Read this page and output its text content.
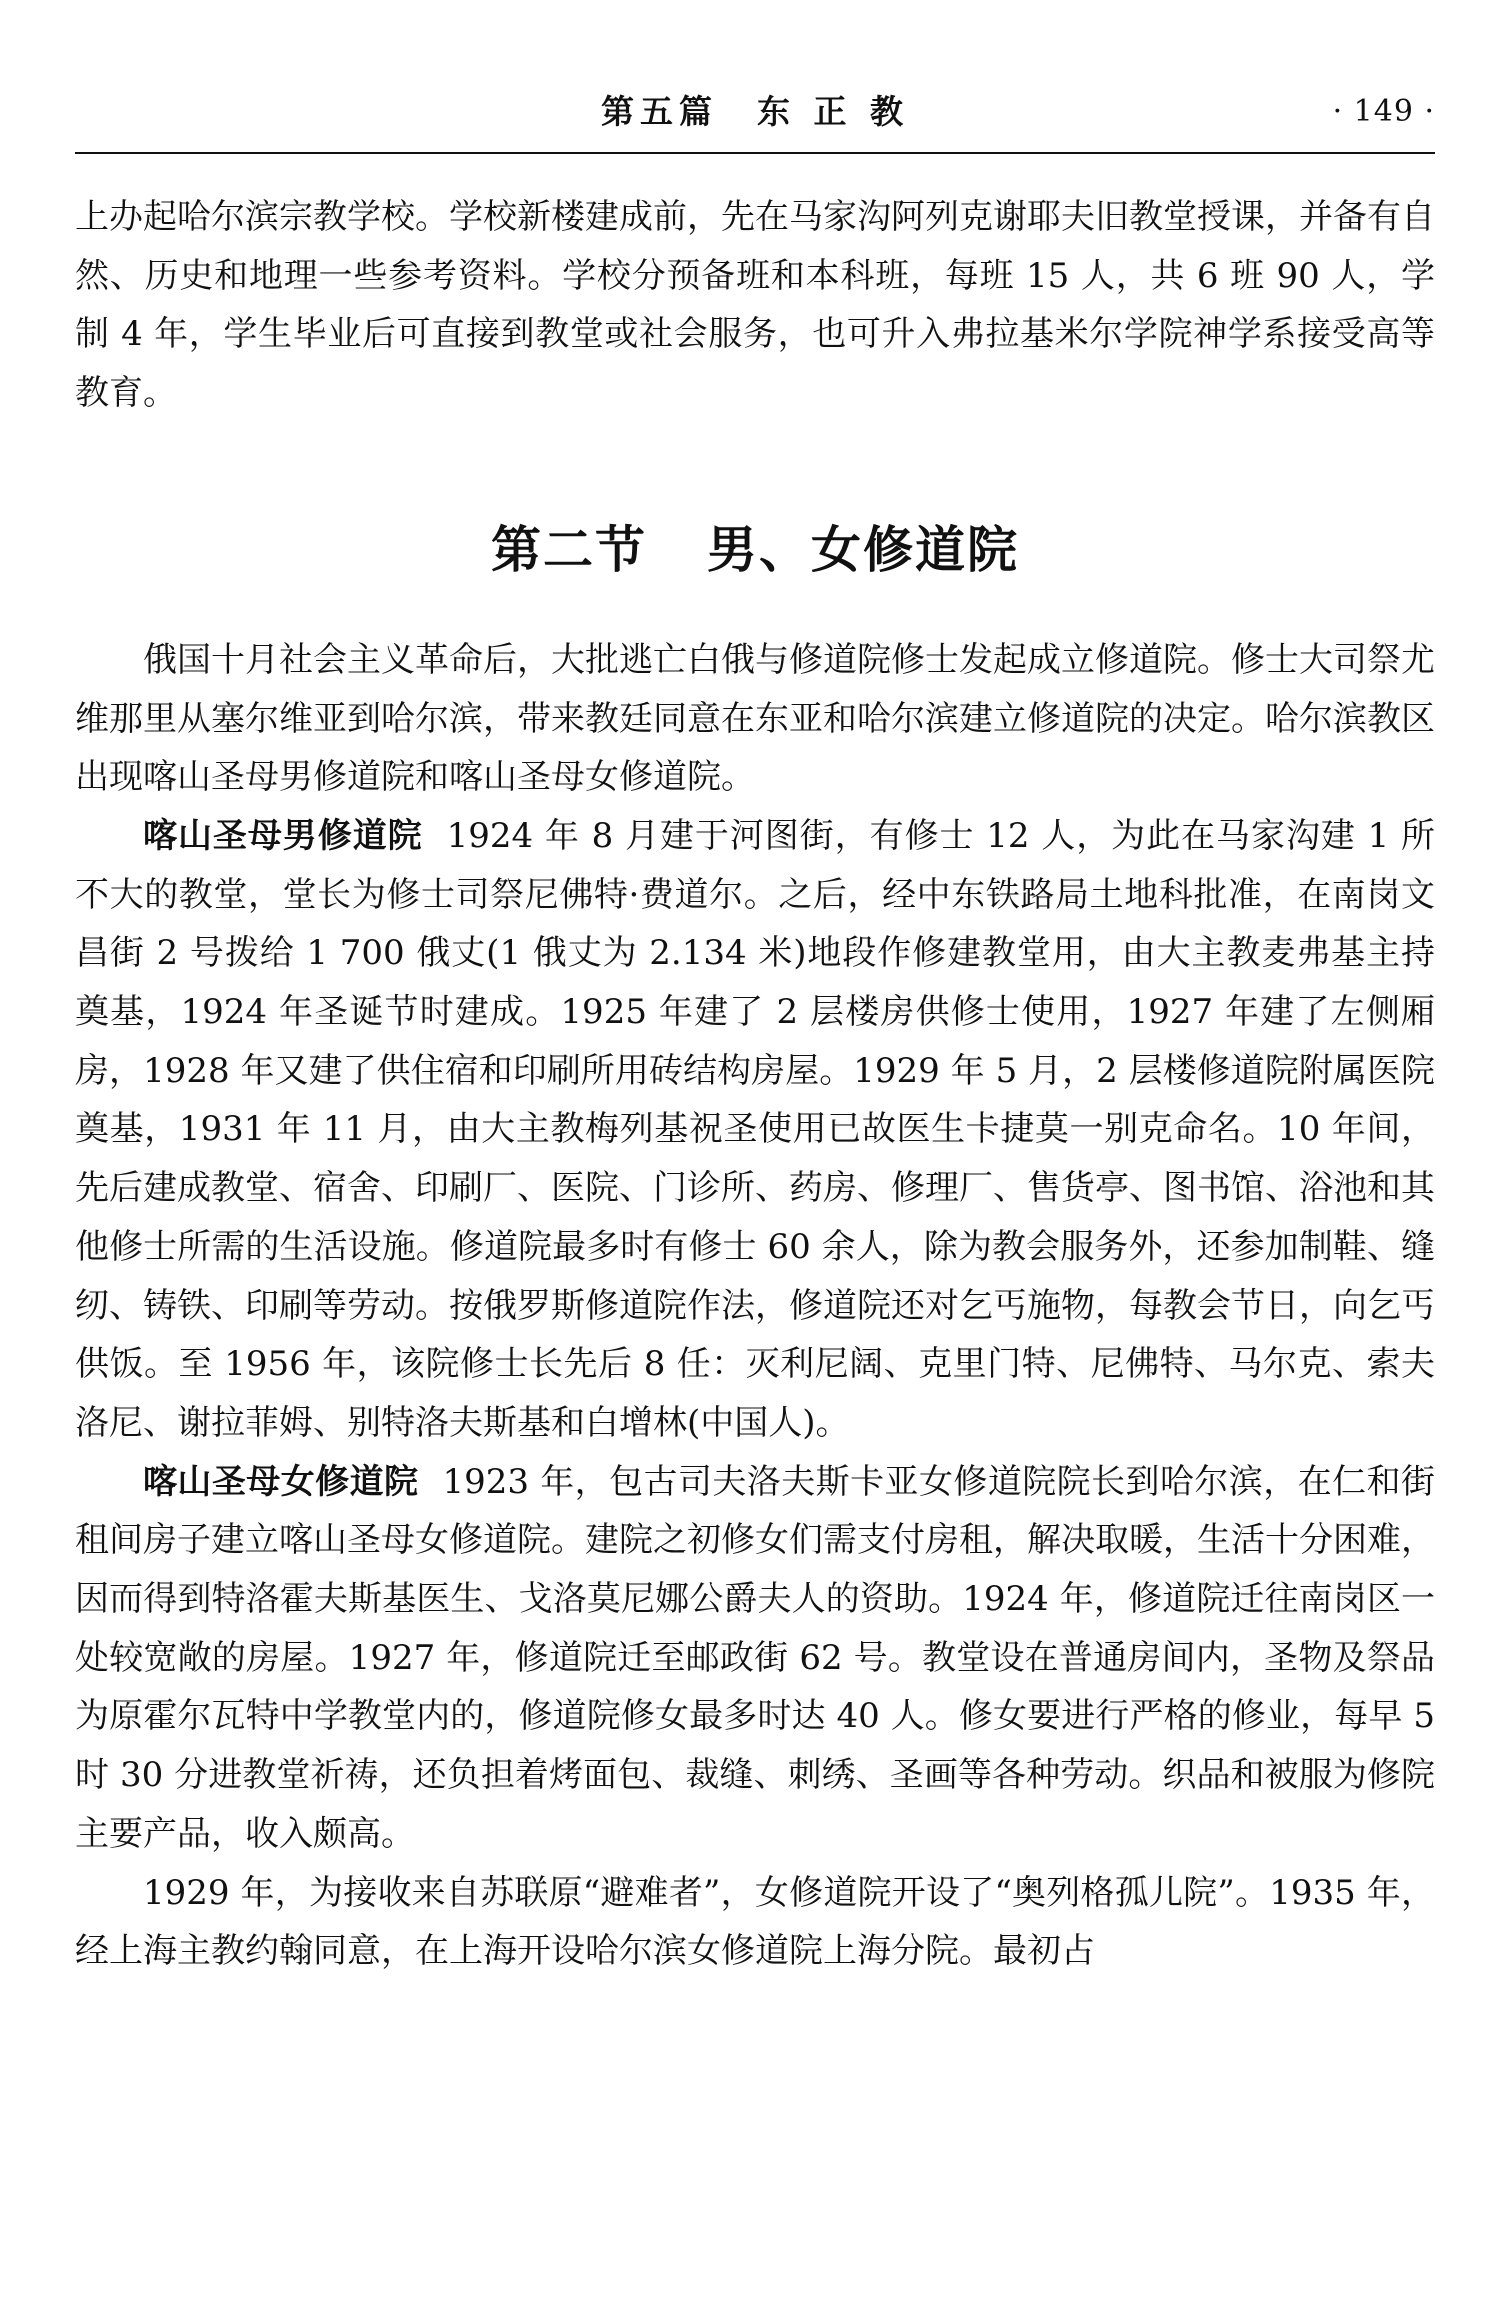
第五篇　东 正 教	· 149 ·

上办起哈尔滨宗教学校。学校新楼建成前，先在马家沟阿列克谢耶夫旧教堂授课，并备有自然、历史和地理一些参考资料。学校分预备班和本科班，每班 15 人，共 6 班 90 人，学制 4 年，学生毕业后可直接到教堂或社会服务，也可升入弗拉基米尔学院神学系接受高等教育。

第二节 男、女修道院

俄国十月社会主义革命后，大批逃亡白俄与修道院修士发起成立修道院。修士大司祭尤维那里从塞尔维亚到哈尔滨，带来教廷同意在东亚和哈尔滨建立修道院的决定。哈尔滨教区出现喀山圣母男修道院和喀山圣母女修道院。

喀山圣母男修道院 1924 年 8 月建于河图街，有修士 12 人，为此在马家沟建 1 所不大的教堂，堂长为修士司祭尼佛特·费道尔。之后，经中东铁路局土地科批准，在南岗文昌街 2 号拨给 1 700 俄丈(1 俄丈为 2.134 米)地段作修建教堂用，由大主教麦弗基主持奠基，1924 年圣诞节时建成。1925 年建了 2 层楼房供修士使用，1927 年建了左侧厢房，1928 年又建了供住宿和印刷所用砖结构房屋。1929 年 5 月，2 层楼修道院附属医院奠基，1931 年 11 月，由大主教梅列基祝圣使用已故医生卡捷莫一别克命名。10 年间，先后建成教堂、宿舍、印刷厂、医院、门诊所、药房、修理厂、售货亭、图书馆、浴池和其他修士所需的生活设施。修道院最多时有修士 60 余人，除为教会服务外，还参加制鞋、缝纫、铸铁、印刷等劳动。按俄罗斯修道院作法，修道院还对乞丐施物，每教会节日，向乞丐供饭。至 1956 年，该院修士长先后 8 任：灭利尼阔、克里门特、尼佛特、马尔克、索夫洛尼、谢拉菲姆、别特洛夫斯基和白增林(中国人)。

喀山圣母女修道院 1923 年，包古司夫洛夫斯卡亚女修道院院长到哈尔滨，在仁和街租间房子建立喀山圣母女修道院。建院之初修女们需支付房租，解决取暖，生活十分困难，因而得到特洛霍夫斯基医生、戈洛莫尼娜公爵夫人的资助。1924 年，修道院迁往南岗区一处较宽敞的房屋。1927 年，修道院迁至邮政街 62 号。教堂设在普通房间内，圣物及祭品为原霍尔瓦特中学教堂内的，修道院修女最多时达 40 人。修女要进行严格的修业，每早 5 时 30 分进教堂祈祷，还负担着烤面包、裁缝、刺绣、圣画等各种劳动。织品和被服为修院主要产品，收入颇高。

1929 年，为接收来自苏联原“避难者”，女修道院开设了“奥列格孤儿院”。1935 年，经上海主教约翰同意，在上海开设哈尔滨女修道院上海分院。最初占
